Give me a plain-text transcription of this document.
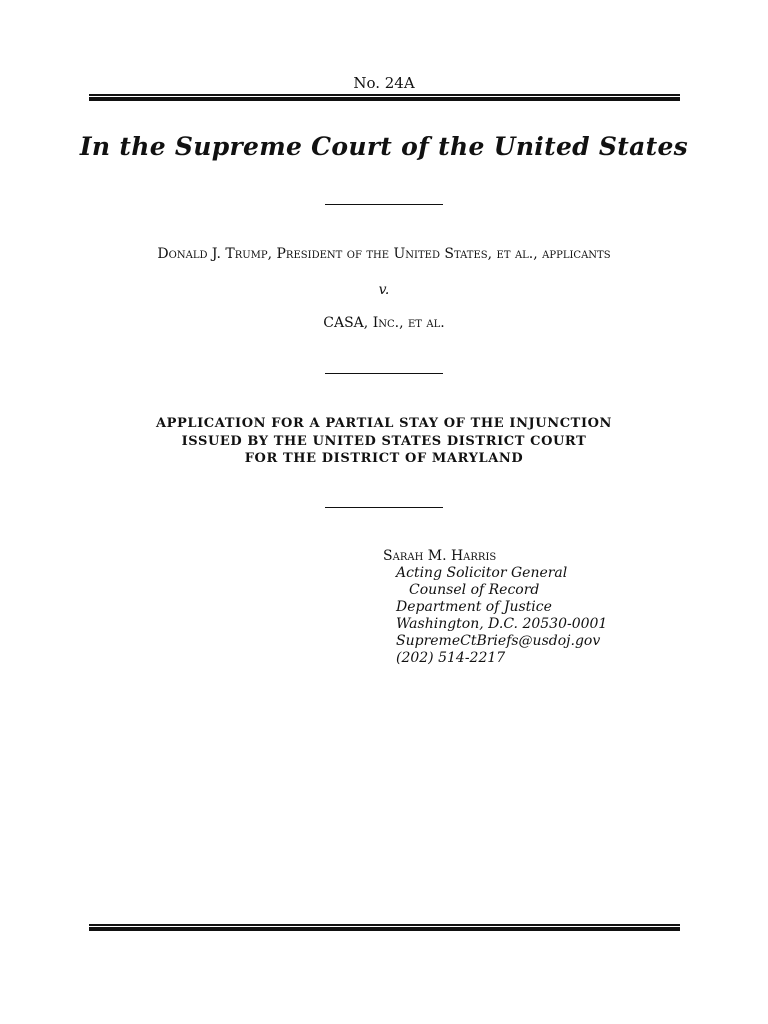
No. 24A
In the Supreme Court of the United States
Donald J. Trump, President of the United States, et al., applicants
v.
CASA, Inc., et al.
APPLICATION FOR A PARTIAL STAY OF THE INJUNCTION
ISSUED BY THE UNITED STATES DISTRICT COURT
FOR THE DISTRICT OF MARYLAND
Sarah M. Harris
Acting Solicitor General
Counsel of Record
Department of Justice
Washington, D.C. 20530-0001
SupremeCtBriefs@usdoj.gov
(202) 514-2217
